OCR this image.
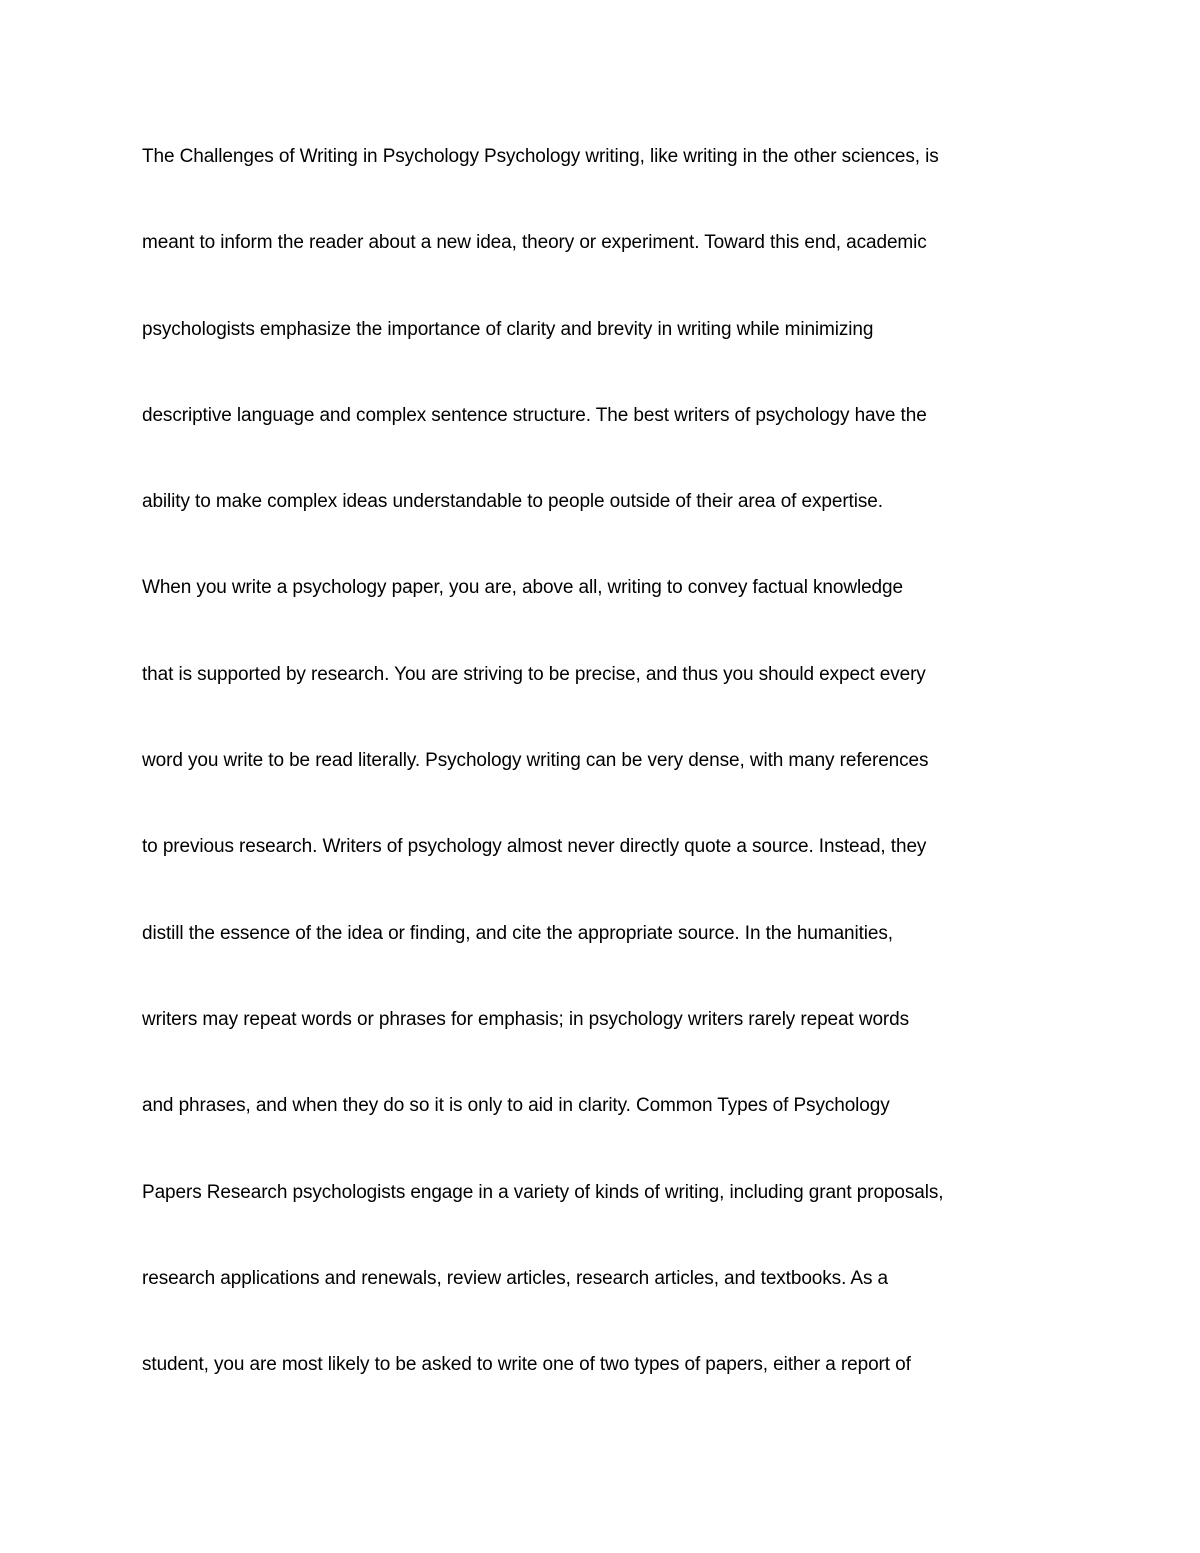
The Challenges of Writing in Psychology Psychology writing, like writing in the other sciences, is
meant to inform the reader about a new idea, theory or experiment. Toward this end, academic
psychologists emphasize the importance of clarity and brevity in writing while minimizing
descriptive language and complex sentence structure. The best writers of psychology have the
ability to make complex ideas understandable to people outside of their area of expertise.
When you write a psychology paper, you are, above all, writing to convey factual knowledge
that is supported by research. You are striving to be precise, and thus you should expect every
word you write to be read literally. Psychology writing can be very dense, with many references
to previous research. Writers of psychology almost never directly quote a source. Instead, they
distill the essence of the idea or finding, and cite the appropriate source. In the humanities,
writers may repeat words or phrases for emphasis; in psychology writers rarely repeat words
and phrases, and when they do so it is only to aid in clarity. Common Types of Psychology
Papers Research psychologists engage in a variety of kinds of writing, including grant proposals,
research applications and renewals, review articles, research articles, and textbooks. As a
student, you are most likely to be asked to write one of two types of papers, either a report of
